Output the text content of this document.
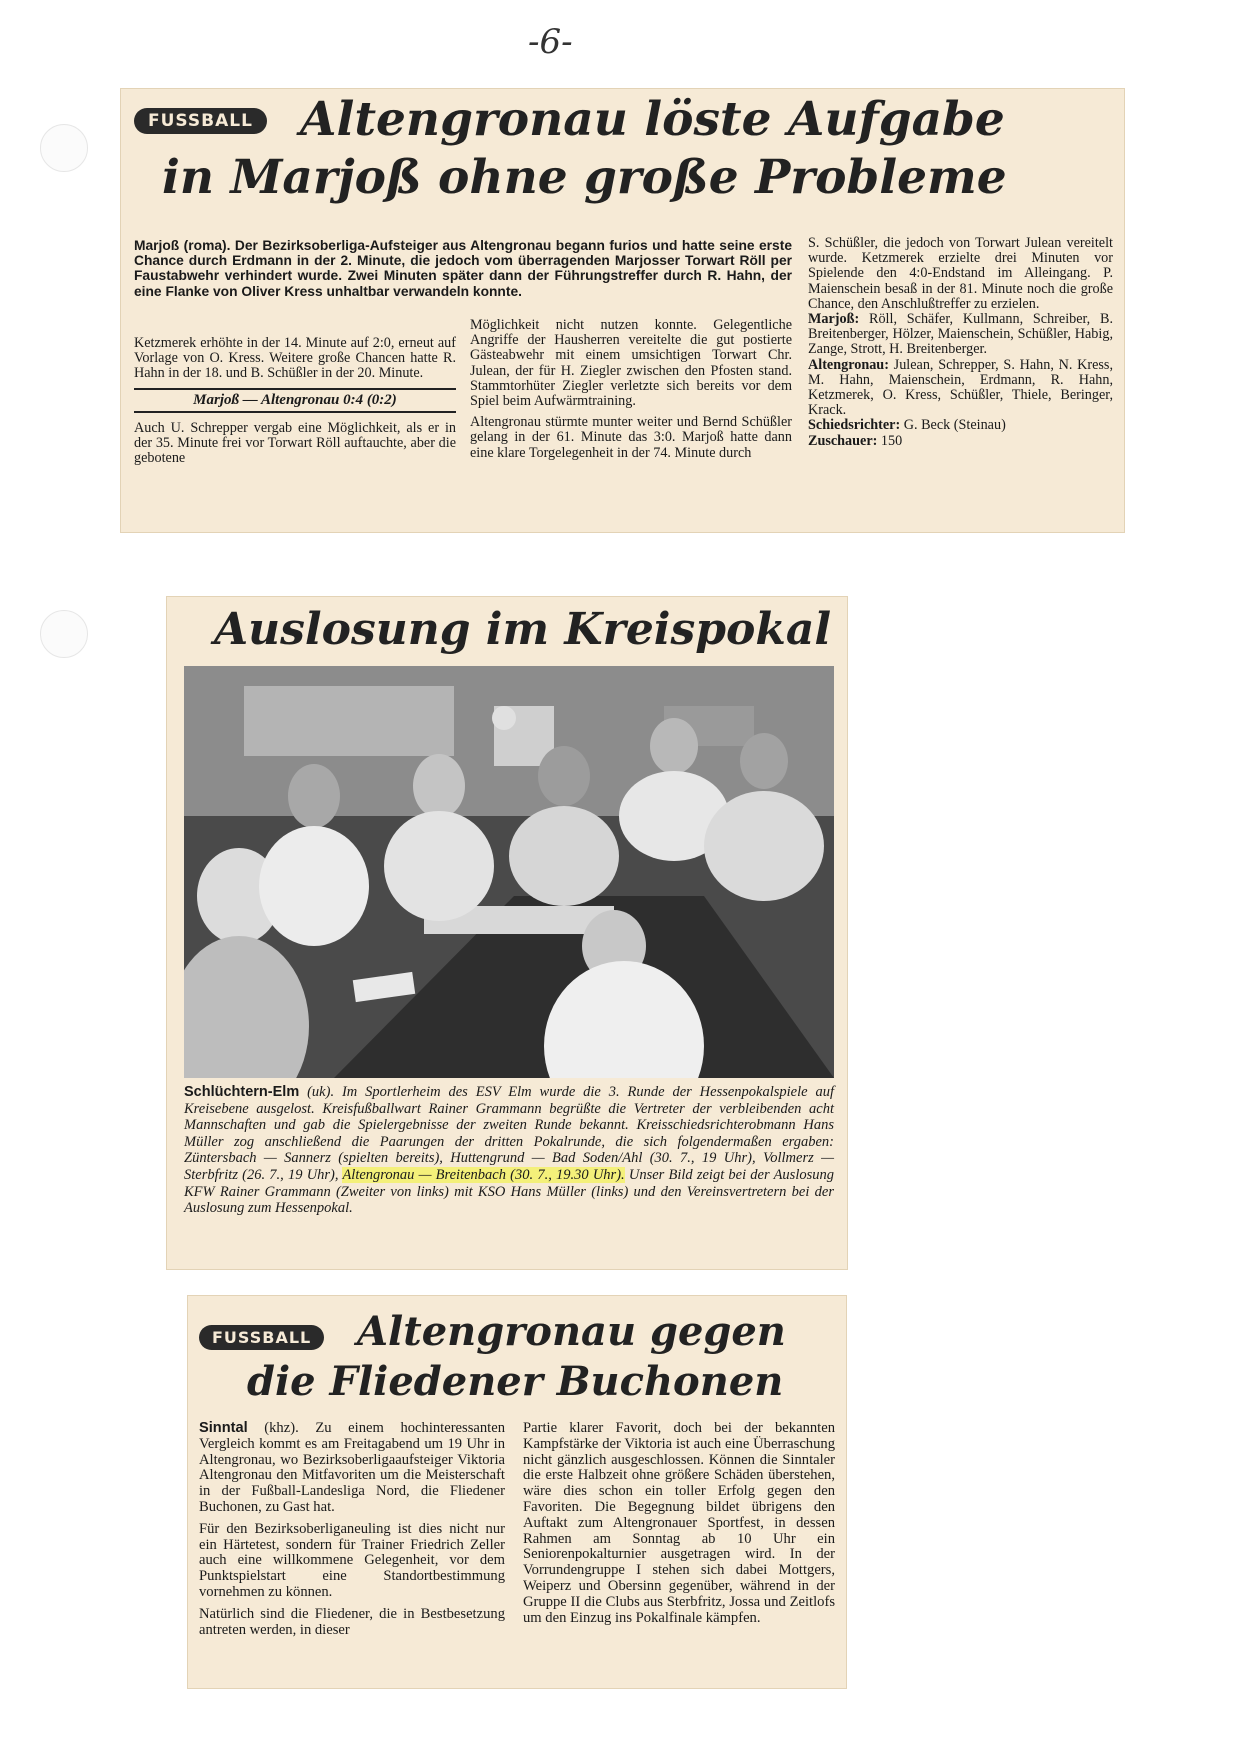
-6-
FUSSBALL Altengronau löste Aufgabe
in Marjoß ohne große Probleme
Marjoß (roma). Der Bezirksoberliga-Aufsteiger aus Altengronau begann furios und hatte seine erste Chance durch Erdmann in der 2. Minute, die jedoch vom überragenden Marjosser Torwart Röll per Faustabwehr verhindert wurde. Zwei Minuten später dann der Führungstreffer durch R. Hahn, der eine Flanke von Oliver Kress unhaltbar verwandeln konnte.

Ketzmerek erhöhte in der 14. Minute auf 2:0, erneut auf Vorlage von O. Kress. Weitere große Chancen hatte R. Hahn in der 18. und B. Schüßler in der 20. Minute.

Marjoß — Altengronau 0:4 (0:2)

Auch U. Schrepper vergab eine Möglichkeit, als er in der 35. Minute frei vor Torwart Röll auftauchte, aber die gebotene

Möglichkeit nicht nutzen konnte. Gelegentliche Angriffe der Hausherren vereitelte die gut postierte Gästeabwehr mit einem umsichtigen Torwart Chr. Julean, der für H. Ziegler zwischen den Pfosten stand. Stammtorhüter Ziegler verletzte sich bereits vor dem Spiel beim Aufwärmtraining.

Altengronau stürmte munter weiter und Bernd Schüßler gelang in der 61. Minute das 3:0. Marjoß hatte dann eine klare Torgelegenheit in der 74. Minute durch

S. Schüßler, die jedoch von Torwart Julean vereitelt wurde. Ketzmerek erzielte drei Minuten vor Spielende den 4:0-Endstand im Alleingang. P. Maienschein besaß in der 81. Minute noch die große Chance, den Anschlußtreffer zu erzielen.

Marjoß: Röll, Schäfer, Kullmann, Schreiber, B. Breitenberger, Hölzer, Maienschein, Schüßler, Habig, Zange, Strott, H. Breitenberger.
Altengronau: Julean, Schrepper, S. Hahn, N. Kress, M. Hahn, Maienschein, Erdmann, R. Hahn, Ketzmerek, O. Kress, Schüßler, Thiele, Beringer, Krack.
Schiedsrichter: G. Beck (Steinau)
Zuschauer: 150
Auslosung im Kreispokal
Schlüchtern-Elm (uk). Im Sportlerheim des ESV Elm wurde die 3. Runde der Hessenpokalspiele auf Kreisebene ausgelost. Kreisfußballwart Rainer Grammann begrüßte die Vertreter der verbleibenden acht Mannschaften und gab die Spielergebnisse der zweiten Runde bekannt. Kreisschiedsrichterobmann Hans Müller zog anschließend die Paarungen der dritten Pokalrunde, die sich folgendermaßen ergaben: Züntersbach — Sannerz (spielten bereits), Huttengrund — Bad Soden/Ahl (30. 7., 19 Uhr), Vollmerz — Sterbfritz (26. 7., 19 Uhr), Altengronau — Breitenbach (30. 7., 19.30 Uhr). Unser Bild zeigt bei der Auslosung KFW Rainer Grammann (Zweiter von links) mit KSO Hans Müller (links) und den Vereinsvertretern bei der Auslosung zum Hessenpokal.
FUSSBALL	Altengronau gegen
die Fliedener Buchonen

Sinntal (khz). Zu einem hochinteressanten Vergleich kommt es am Freitagabend um 19 Uhr in Altengronau, wo Bezirksoberligaaufsteiger Viktoria Altengronau den Mitfavoriten um die Meisterschaft in der Fußball-Landesliga Nord, die Fliedener Buchonen, zu Gast hat.

Für den Bezirksoberliganeuling ist dies nicht nur ein Härtetest, sondern für Trainer Friedrich Zeller auch eine willkommene Gelegenheit, vor dem Punktspielstart eine Standortbestimmung vornehmen zu können.

Natürlich sind die Fliedener, die in Bestbesetzung antreten werden, in dieser

Partie klarer Favorit, doch bei der bekannten Kampfstärke der Viktoria ist auch eine Überraschung nicht gänzlich ausgeschlossen. Können die Sinntaler die erste Halbzeit ohne größere Schäden überstehen, wäre dies schon ein toller Erfolg gegen den Favoriten. Die Begegnung bildet übrigens den Auftakt zum Altengronauer Sportfest, in dessen Rahmen am Sonntag ab 10 Uhr ein Seniorenpokalturnier ausgetragen wird. In der Vorrundengruppe I stehen sich dabei Mottgers, Weiperz und Obersinn gegenüber, während in der Gruppe II die Clubs aus Sterbfritz, Jossa und Zeitlofs um den Einzug ins Pokalfinale kämpfen.
